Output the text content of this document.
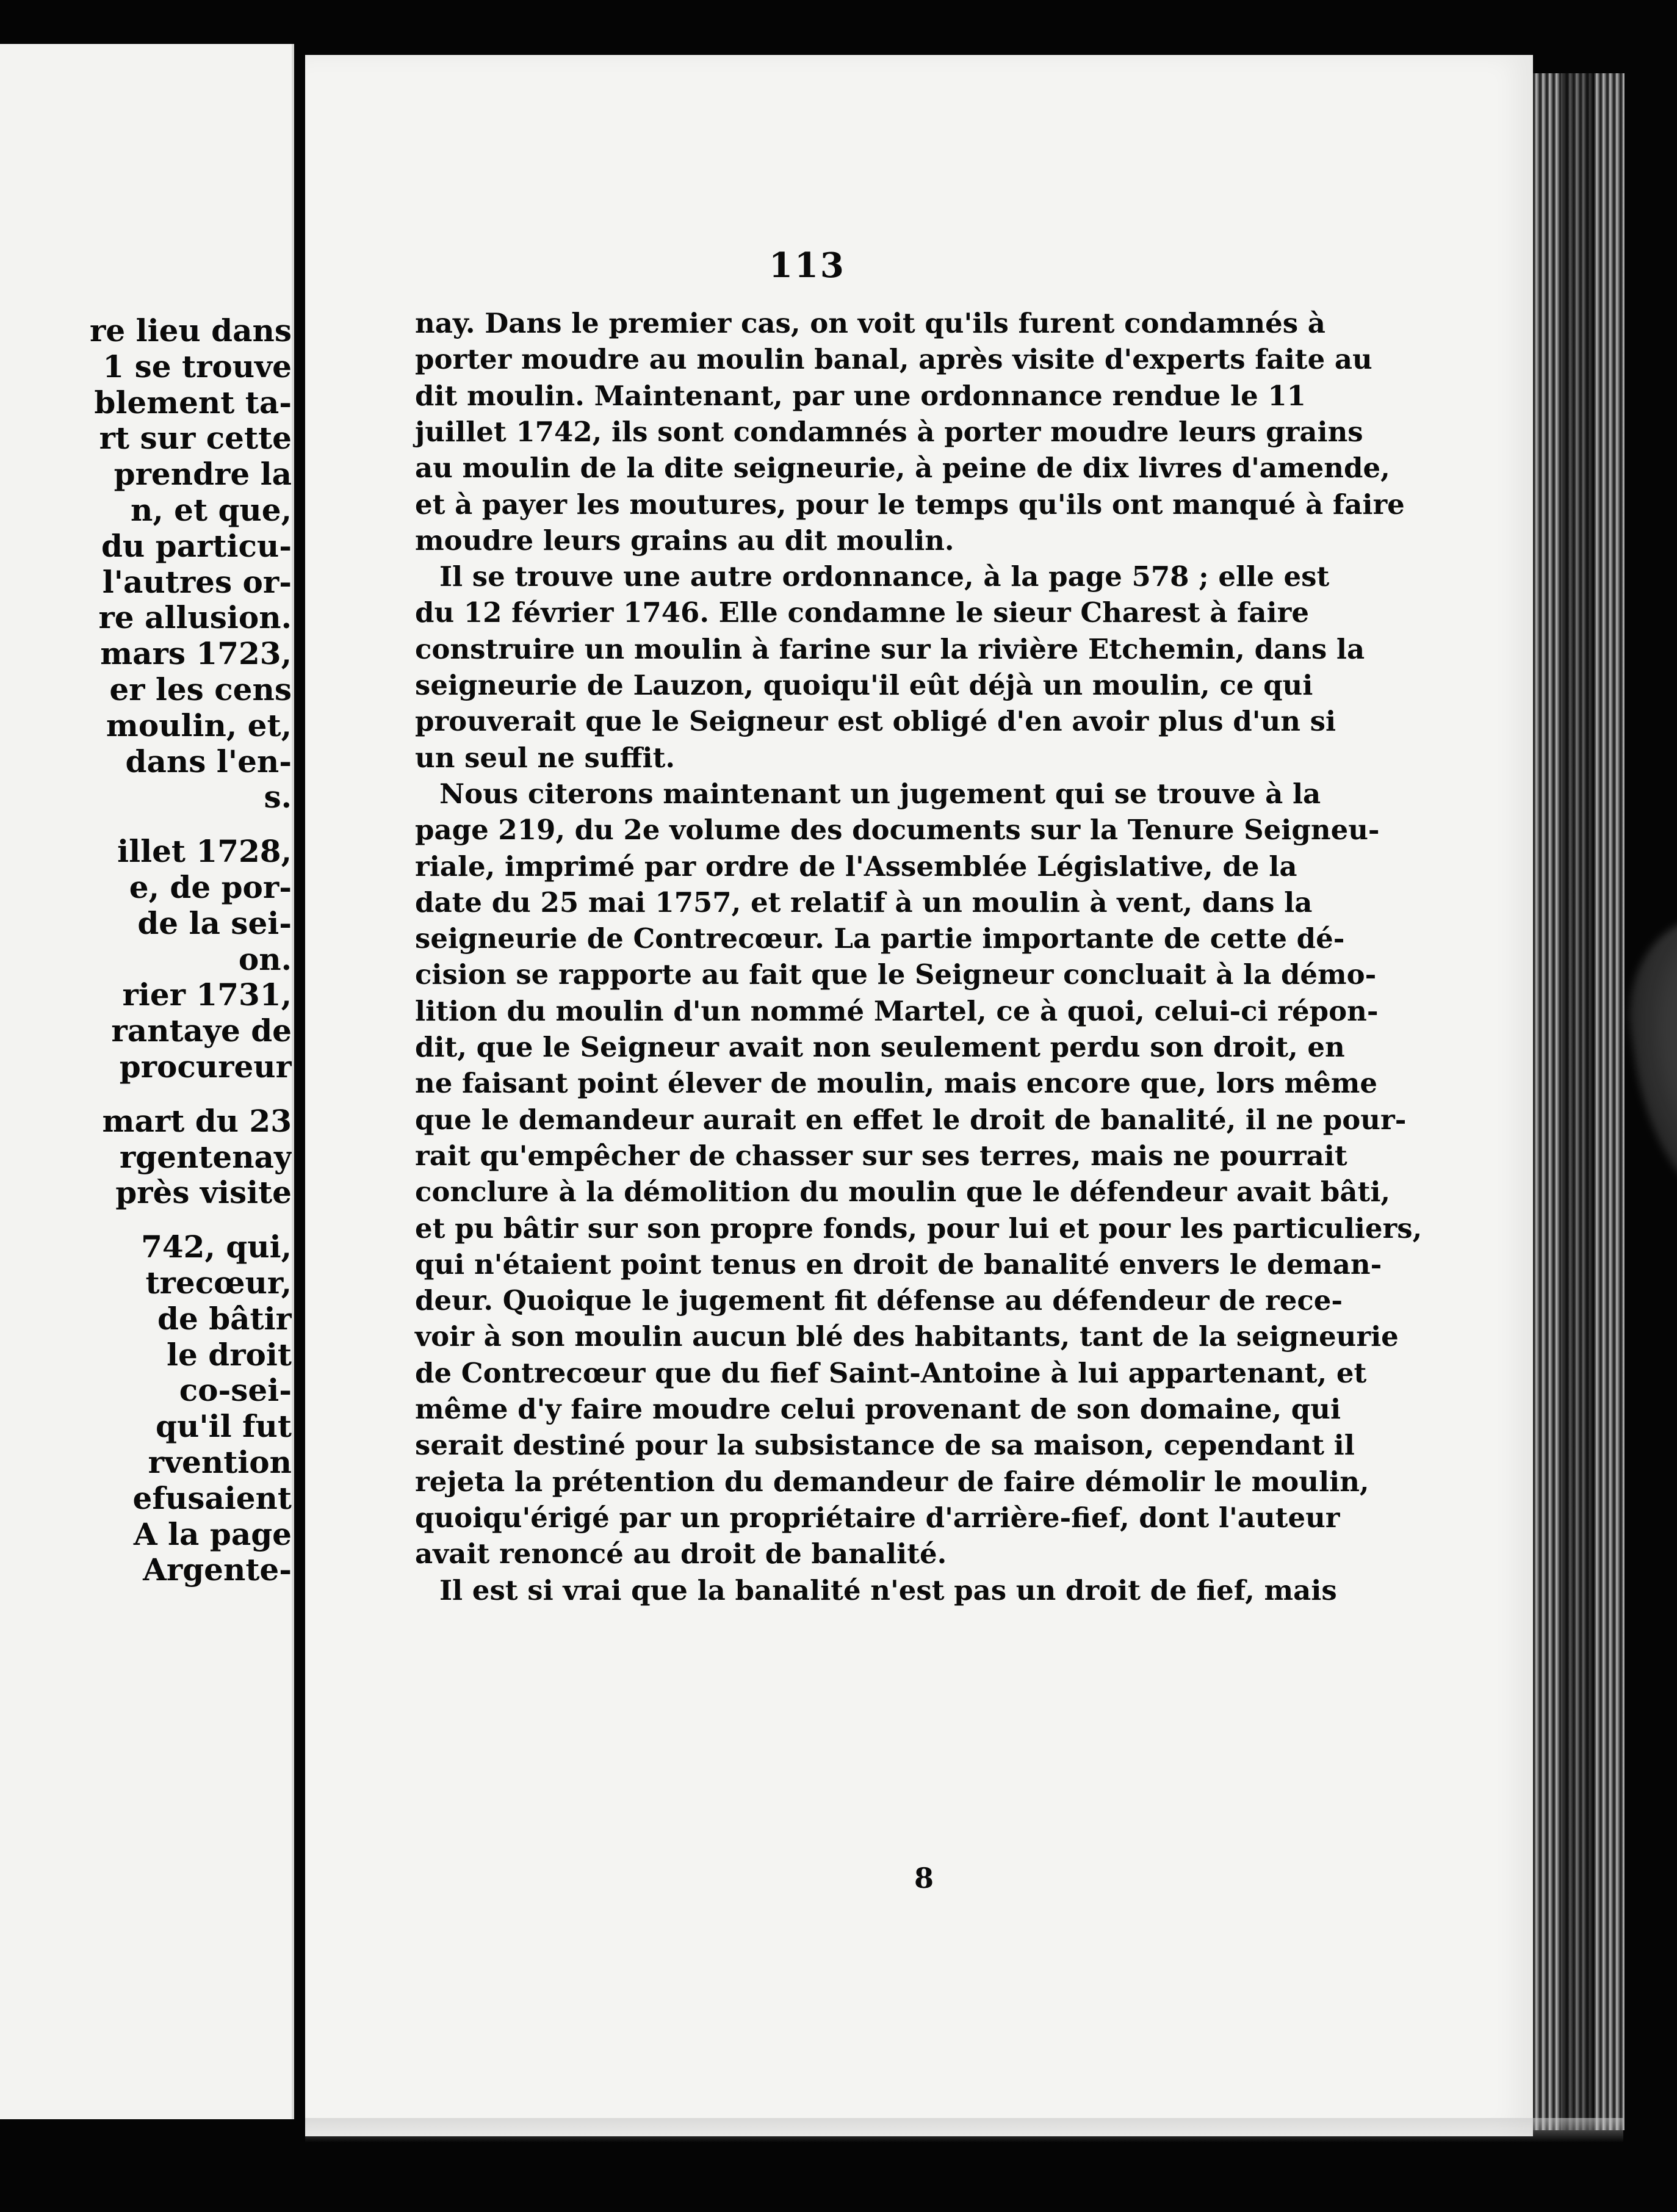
re lieu dans
1 se trouve
blement ta-
rt sur cette
prendre la
n, et que,
du particu-
l'autres or-
re allusion.
mars 1723,
er les cens
moulin, et,
dans l'en-
s.
illet 1728,
e, de por-
de la sei-
on.
rier 1731,
rantaye de
procureur
mart du 23
rgentenay
près visite
742, qui,
trecœur,
de bâtir
le droit
co-sei-
qu'il fut
rvention
efusaient
A la page
Argente-
113
nay. Dans le premier cas, on voit qu'ils furent condamnés à
porter moudre au moulin banal, après visite d'experts faite au
dit moulin. Maintenant, par une ordonnance rendue le 11
juillet 1742, ils sont condamnés à porter moudre leurs grains
au moulin de la dite seigneurie, à peine de dix livres d'amende,
et à payer les moutures, pour le temps qu'ils ont manqué à faire
moudre leurs grains au dit moulin.
Il se trouve une autre ordonnance, à la page 578 ; elle est
du 12 février 1746. Elle condamne le sieur Charest à faire
construire un moulin à farine sur la rivière Etchemin, dans la
seigneurie de Lauzon, quoiqu'il eût déjà un moulin, ce qui
prouverait que le Seigneur est obligé d'en avoir plus d'un si
un seul ne suffit.
Nous citerons maintenant un jugement qui se trouve à la
page 219, du 2e volume des documents sur la Tenure Seigneu-
riale, imprimé par ordre de l'Assemblée Législative, de la
date du 25 mai 1757, et relatif à un moulin à vent, dans la
seigneurie de Contrecœur. La partie importante de cette dé-
cision se rapporte au fait que le Seigneur concluait à la démo-
lition du moulin d'un nommé Martel, ce à quoi, celui-ci répon-
dit, que le Seigneur avait non seulement perdu son droit, en
ne faisant point élever de moulin, mais encore que, lors même
que le demandeur aurait en effet le droit de banalité, il ne pour-
rait qu'empêcher de chasser sur ses terres, mais ne pourrait
conclure à la démolition du moulin que le défendeur avait bâti,
et pu bâtir sur son propre fonds, pour lui et pour les particuliers,
qui n'étaient point tenus en droit de banalité envers le deman-
deur. Quoique le jugement fit défense au défendeur de rece-
voir à son moulin aucun blé des habitants, tant de la seigneurie
de Contrecœur que du fief Saint-Antoine à lui appartenant, et
même d'y faire moudre celui provenant de son domaine, qui
serait destiné pour la subsistance de sa maison, cependant il
rejeta la prétention du demandeur de faire démolir le moulin,
quoiqu'érigé par un propriétaire d'arrière-fief, dont l'auteur
avait renoncé au droit de banalité.
Il est si vrai que la banalité n'est pas un droit de fief, mais
8
